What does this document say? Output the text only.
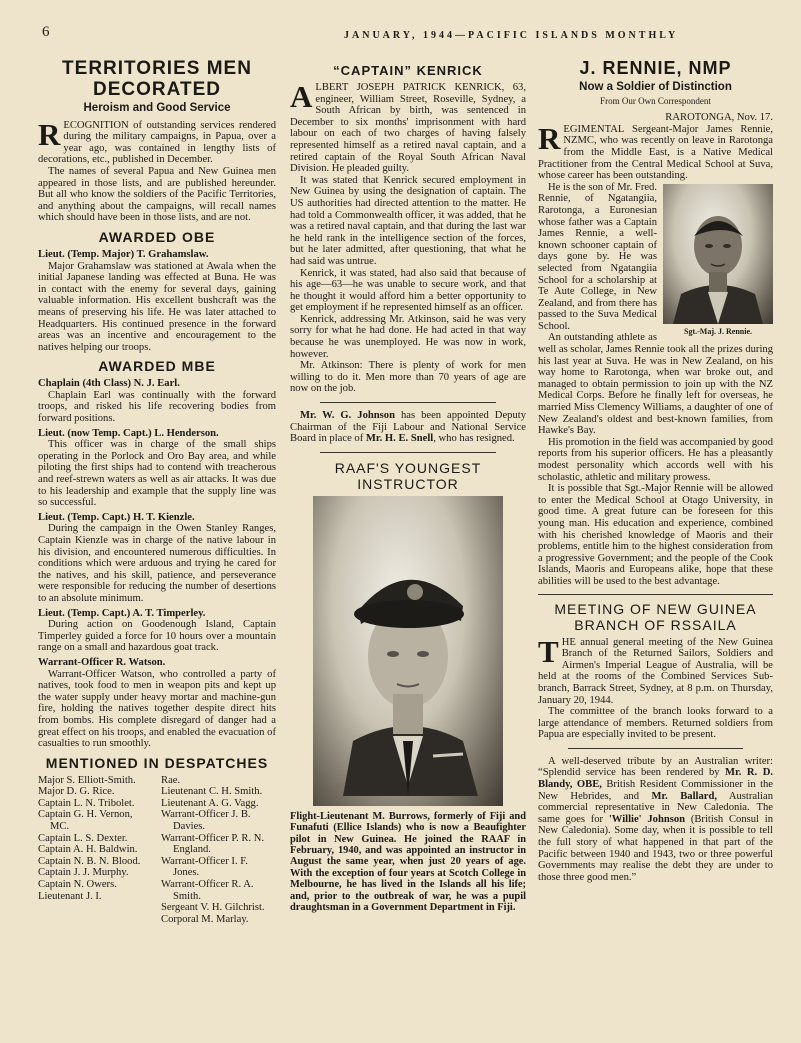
6	JANUARY, 1944—PACIFIC ISLANDS MONTHLY
TERRITORIES MEN DECORATED
Heroism and Good Service

RECOGNITION of outstanding services rendered during the military campaigns, in Papua, over a year ago, was contained in lengthy lists of decorations, etc., published in December.

The names of several Papua and New Guinea men appeared in those lists, and are published hereunder. But all who know the soldiers of the Pacific Territories, and anything about the campaigns, will recall names which should have been in those lists, and are not.

AWARDED OBE

Lieut. (Temp. Major) T. Grahamslaw.

Major Grahamslaw was stationed at Awala when the initial Japanese landing was effected at Buna. He was in contact with the enemy for several days, gaining valuable information. His excellent bushcraft was the means of preserving his life. He was later attached to Headquarters. His continued presence in the forward areas was an incentive and encouragement to the natives helping our troops.

AWARDED MBE

Chaplain (4th Class) N. J. Earl.

Chaplain Earl was continually with the forward troops, and risked his life recovering bodies from forward positions.

Lieut. (now Temp. Capt.) L. Henderson.

This officer was in charge of the small ships operating in the Porlock and Oro Bay area, and while piloting the first ships had to contend with treacherous and reef-strewn waters as well as air attacks. It was due to his leadership and example that the supply line was so successful.

Lieut. (Temp. Capt.) H. T. Kienzle.

During the campaign in the Owen Stanley Ranges, Captain Kienzle was in charge of the native labour in his division, and encountered numerous difficulties. In conditions which were arduous and trying he cared for the natives, and his skill, patience, and perseverance were responsible for reducing the number of desertions to an absolute minimum.

Lieut. (Temp. Capt.) A. T. Timperley.

During action on Goodenough Island, Captain Timperley guided a force for 10 hours over a mountain range on a small and hazardous goat track.

Warrant-Officer R. Watson.

Warrant-Officer Watson, who controlled a party of natives, took food to men in weapon pits and kept up the water supply under heavy mortar and machine-gun fire, holding the natives together despite direct hits from bombs. His complete disregard of danger had a great effect on his troops, and enabled the evacuation of casualties to run smoothly.

MENTIONED IN DESPATCHES
Major S. Elliott-Smith.
Major D. G. Rice.
Captain L. N. Tribolet.
Captain G. H. Vernon, MC.
Captain L. S. Dexter.
Captain A. H. Baldwin.
Captain N. B. N. Blood.
Captain J. J. Murphy.
Captain N. Owers.
Lieutenant J. I.
Rae.
Lieutenant C. H. Smith.
Lieutenant A. G. Vagg.
Warrant-Officer J. B. Davies.
Warrant-Officer P. R. N. England.
Warrant-Officer I. F. Jones.
Warrant-Officer R. A. Smith.
Sergeant V. H. Gilchrist.
Corporal M. Marlay.
“CAPTAIN” KENRICK

ALBERT JOSEPH PATRICK KENRICK, 63, engineer, William Street, Roseville, Sydney, a South African by birth, was sentenced in December to six months' imprisonment with hard labour on each of two charges of having falsely represented himself as a retired naval captain, and a retired captain of the Royal South African Naval Division. He pleaded guilty.

It was stated that Kenrick secured employment in New Guinea by using the designation of captain. The US authorities had directed attention to the matter. He had told a Commonwealth officer, it was added, that he was a retired naval captain, and that during the last war he held rank in the intelligence section of the forces, but he later admitted, after questioning, that what he had said was untrue.

Kenrick, it was stated, had also said that because of his age—63—he was unable to secure work, and that he thought it would afford him a better opportunity to get employment if he represented himself as an officer.

Kenrick, addressing Mr. Atkinson, said he was very sorry for what he had done. He had acted in that way because he was unemployed. He was now in work, however.

Mr. Atkinson: There is plenty of work for men willing to do it. Men more than 70 years of age are now on the job.

Mr. W. G. Johnson has been appointed Deputy Chairman of the Fiji Labour and National Service Board in place of Mr. H. E. Snell, who has resigned.

RAAF'S YOUNGEST INSTRUCTOR
Flight-Lieutenant M. Burrows, formerly of Fiji and Funafuti (Ellice Islands) who is now a Beaufighter pilot in New Guinea. He joined the RAAF in February, 1940, and was appointed an instructor in August the same year, when just 20 years of age. With the exception of four years at Scotch College in Melbourne, he has lived in the Islands all his life; and, prior to the outbreak of war, he was a pupil draughtsman in a Government Department in Fiji.
J. RENNIE, NMP
Now a Soldier of Distinction
From Our Own Correspondent

RAROTONGA, Nov. 17.

REGIMENTAL Sergeant-Major James Rennie, NZMC, who was recently on leave in Rarotonga from the Middle East, is a Native Medical Practitioner from the Central Medical School at Suva, whose career has been outstanding.

Sgt.-Maj. J. Rennie.

He is the son of Mr. Fred. Rennie, of Ngatangiia, Rarotonga, a Euronesian whose father was a Captain James Rennie, a well-known schooner captain of days gone by. He was selected from Ngatangiia School for a scholarship at Te Aute College, in New Zealand, and from there has passed to the Suva Medical School.

An outstanding athlete as well as scholar, James Rennie took all the prizes during his last year at Suva. He was in New Zealand, on his way home to Rarotonga, when war broke out, and managed to obtain permission to join up with the NZ Medical Corps. Before he finally left for overseas, he married Miss Clemency Williams, a daughter of one of New Zealand's oldest and best-known families, from Hawke's Bay.

His promotion in the field was accompanied by good reports from his superior officers. He has a pleasantly modest personality which accords well with his scholastic, athletic and military prowess.

It is possible that Sgt.-Major Rennie will be allowed to enter the Medical School at Otago University, in good time. A great future can be foreseen for this young man. His education and experience, combined with his cherished knowledge of Maoris and their problems, entitle him to the highest consideration from a progressive Government; and the people of the Cook Islands, Maoris and Europeans alike, hope that these abilities will be used to the best advantage.

MEETING OF NEW GUINEA BRANCH OF RSSAILA

THE annual general meeting of the New Guinea Branch of the Returned Sailors, Soldiers and Airmen's Imperial League of Australia, will be held at the rooms of the Combined Services Sub-branch, Barrack Street, Sydney, at 8 p.m. on Thursday, January 20, 1944.

The committee of the branch looks forward to a large attendance of members. Returned soldiers from Papua are especially invited to be present.

A well-deserved tribute by an Australian writer: “Splendid service has been rendered by Mr. R. D. Blandy, OBE, British Resident Commissioner in the New Hebrides, and Mr. Ballard, Australian commercial representative in New Caledonia. The same goes for 'Willie' Johnson (British Consul in New Caledonia). Some day, when it is possible to tell the full story of what happened in that part of the Pacific between 1940 and 1943, two or three powerful Governments may realise the debt they are under to those three good men.”
